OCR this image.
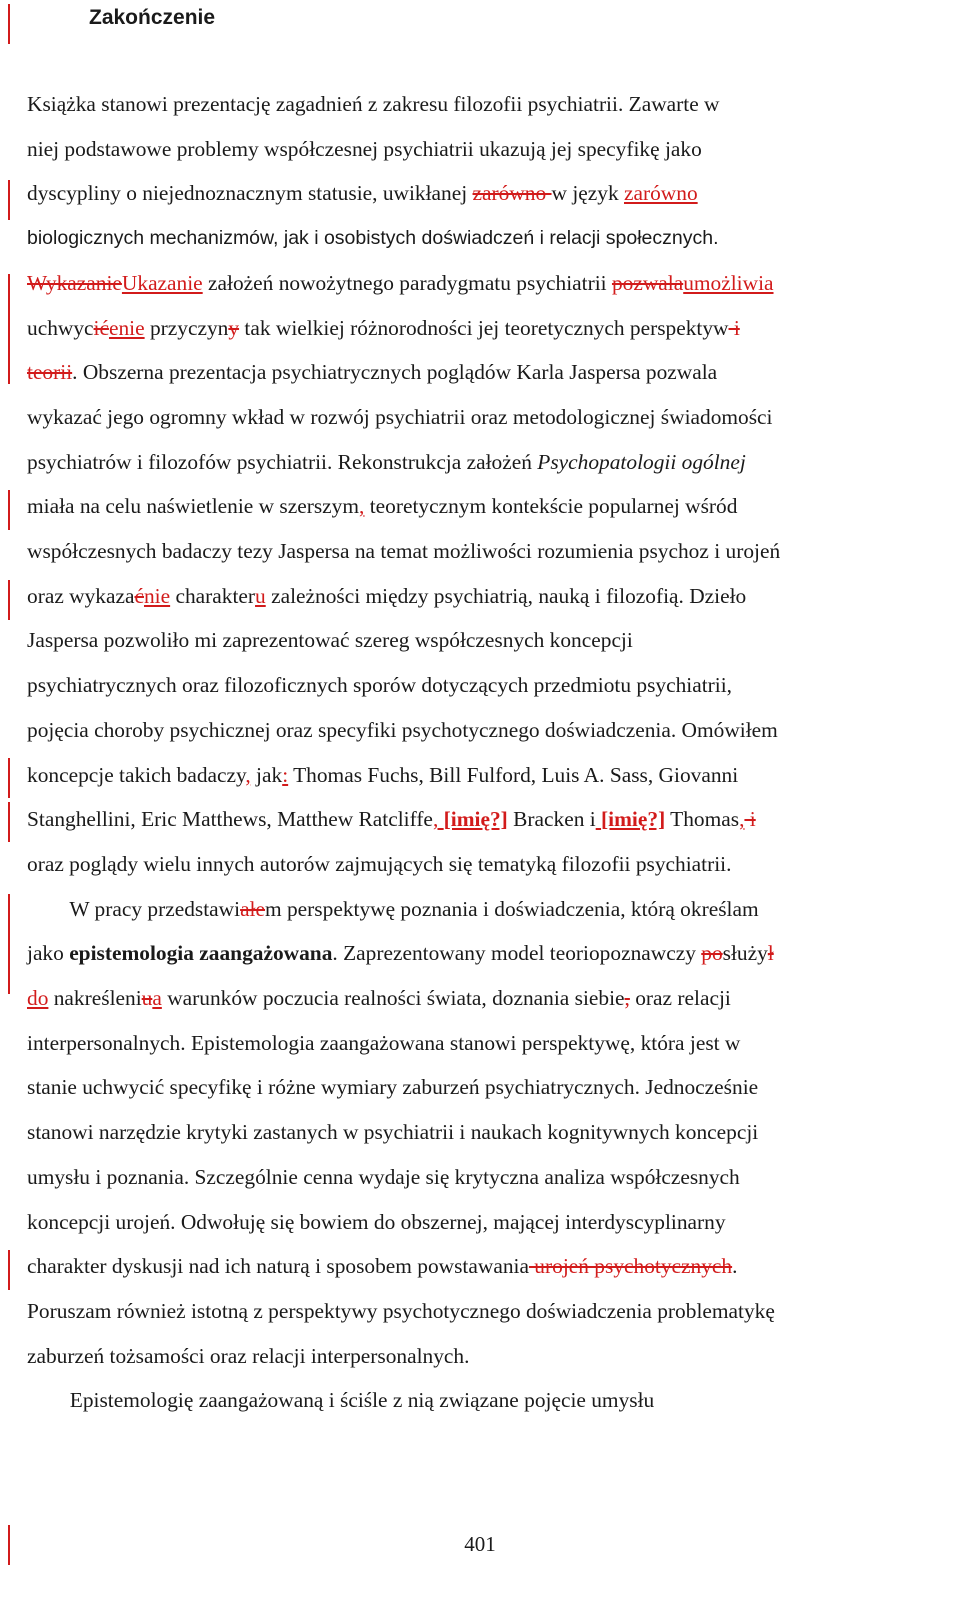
Zakończenie

Książka stanowi prezentację zagadnień z zakresu filozofii psychiatrii. Zawarte w

niej podstawowe problemy współczesnej psychiatrii ukazują jej specyfikę jako

dyscypliny o niejednoznacznym statusie, uwikłanej zarówno w język zarówno

biologicznych mechanizmów, jak i osobistych doświadczeń i relacji społecznych.

WykazanieUkazanie założeń nowożytnego paradygmatu psychiatrii pozwalaumożliwia

uchwycićenie przyczyny tak wielkiej różnorodności jej teoretycznych perspektyw i

teorii. Obszerna prezentacja psychiatrycznych poglądów Karla Jaspersa pozwala

wykazać jego ogromny wkład w rozwój psychiatrii oraz metodologicznej świadomości

psychiatrów i filozofów psychiatrii. Rekonstrukcja założeń Psychopatologii ogólnej

miała na celu naświetlenie w szerszym, teoretycznym kontekście popularnej wśród

współczesnych badaczy tezy Jaspersa na temat możliwości rozumienia psychoz i urojeń

oraz wykazaćnie charakteru zależności między psychiatrią, nauką i filozofią. Dzieło

Jaspersa pozwoliło mi zaprezentować szereg współczesnych koncepcji

psychiatrycznych oraz filozoficznych sporów dotyczących przedmiotu psychiatrii,

pojęcia choroby psychicznej oraz specyfiki psychotycznego doświadczenia. Omówiłem

koncepcje takich badaczy, jak: Thomas Fuchs, Bill Fulford, Luis A. Sass, Giovanni

Stanghellini, Eric Matthews, Matthew Ratcliffe, [imię?] Bracken i [imię?] Thomas, i

oraz poglądy wielu innych autorów zajmujących się tematyką filozofii psychiatrii.

W pracy przedstawiałem perspektywę poznania i doświadczenia, którą określam

jako epistemologia zaangażowana. Zaprezentowany model teoriopoznawczy posłużył

do nakreśleniua warunków poczucia realności świata, doznania siebie, oraz relacji

interpersonalnych. Epistemologia zaangażowana stanowi perspektywę, która jest w

stanie uchwycić specyfikę i różne wymiary zaburzeń psychiatrycznych. Jednocześnie

stanowi narzędzie krytyki zastanych w psychiatrii i naukach kognitywnych koncepcji

umysłu i poznania. Szczególnie cenna wydaje się krytyczna analiza współczesnych

koncepcji urojeń. Odwołuję się bowiem do obszernej, mającej interdyscyplinarny

charakter dyskusji nad ich naturą i sposobem powstawania urojeń psychotycznych.

Poruszam również istotną z perspektywy psychotycznego doświadczenia problematykę

zaburzeń tożsamości oraz relacji interpersonalnych.

Epistemologię zaangażowaną i ściśle z nią związane pojęcie umysłu

401
